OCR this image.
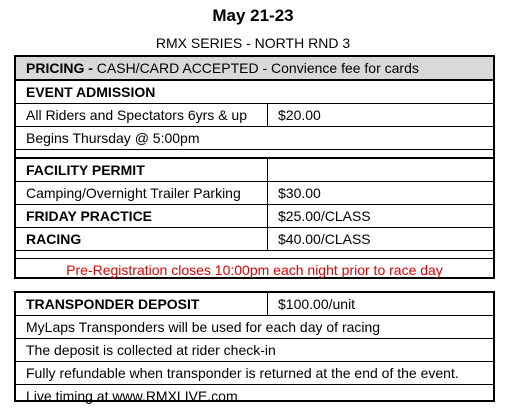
May 21-23
RMX SERIES - NORTH RND 3
PRICING - CASH/CARD ACCEPTED - Convience fee for cards
EVENT ADMISSION
All Riders and Spectators 6yrs & up	$20.00
Begins Thursday @ 5:00pm
FACILITY PERMIT
Camping/Overnight Trailer Parking	$30.00
FRIDAY PRACTICE	$25.00/CLASS
RACING	$40.00/CLASS
Pre-Registration closes 10:00pm each night prior to race day
TRANSPONDER DEPOSIT	$100.00/unit
MyLaps Transponders will be used for each day of racing
The deposit is collected at rider check-in
Fully refundable when transponder is returned at the end of the event.
Live timing at www.RMXLIVE.com
